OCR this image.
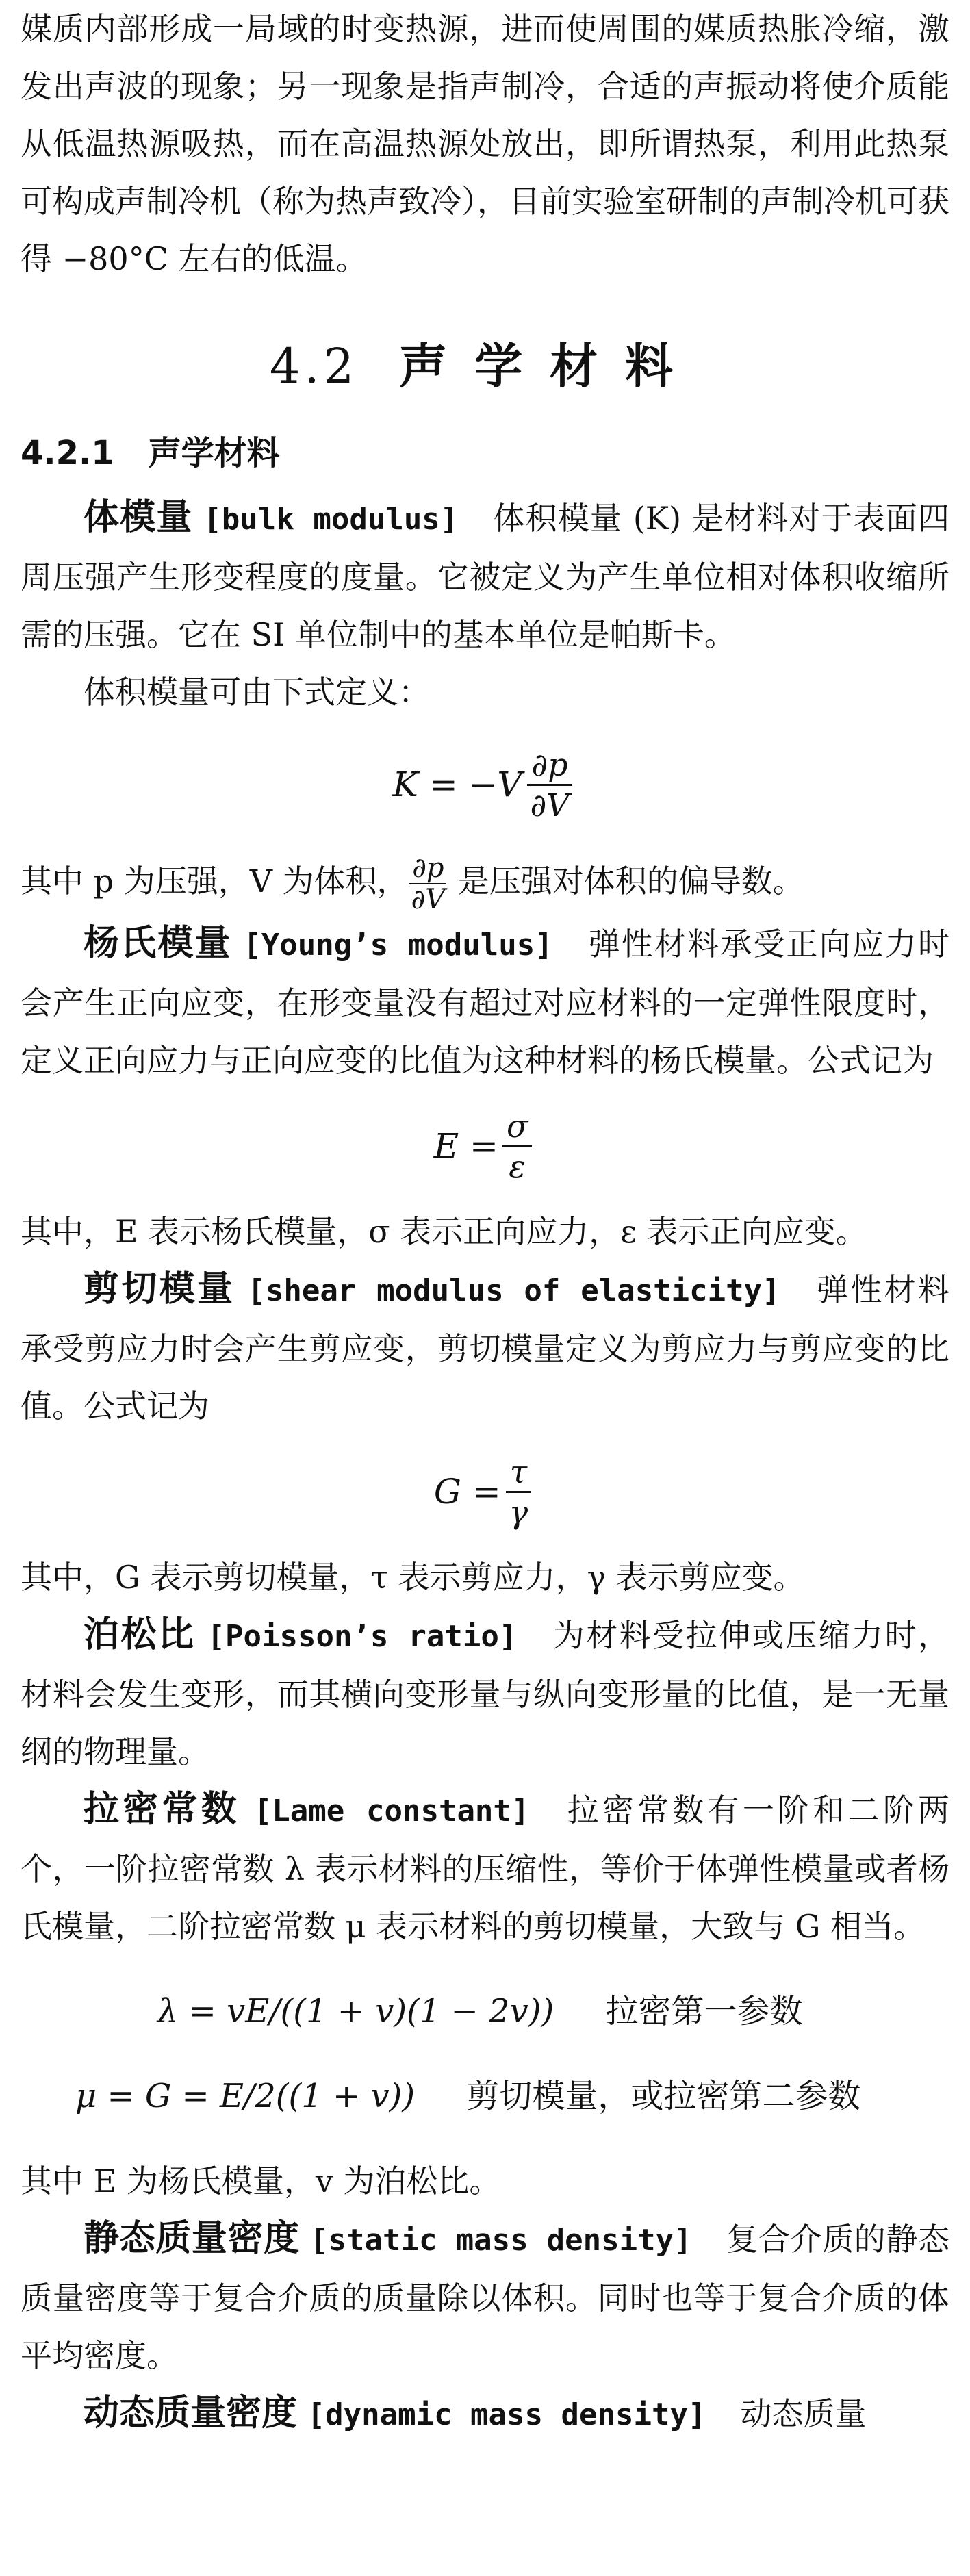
媒质内部形成一局域的时变热源，进而使周围的媒质热胀冷缩，激发出声波的现象；另一现象是指声制冷，合适的声振动将使介质能从低温热源吸热，而在高温热源处放出，即所谓热泵，利用此热泵可构成声制冷机（称为热声致冷），目前实验室研制的声制冷机可获得 −80°C 左右的低温。

4.2 声学材料
4.2.1 声学材料

体模量 [bulk modulus] 体积模量 (K) 是材料对于表面四周压强产生形变程度的度量。它被定义为产生单位相对体积收缩所需的压强。它在 SI 单位制中的基本单位是帕斯卡。

体积模量可由下式定义：

$K = -V \frac{\partial p}{\partial V}$

其中 p 为压强，V 为体积， $\frac{\partial p}{\partial V}$ 是压强对体积的偏导数。

杨氏模量 [Young’s modulus] 弹性材料承受正向应力时会产生正向应变，在形变量没有超过对应材料的一定弹性限度时，定义正向应力与正向应变的比值为这种材料的杨氏模量。公式记为

$E = \frac{\sigma}{\varepsilon}$

其中，E 表示杨氏模量，σ 表示正向应力，ε 表示正向应变。

剪切模量 [shear modulus of elasticity] 弹性材料承受剪应力时会产生剪应变，剪切模量定义为剪应力与剪应变的比值。公式记为

$G = \frac{\tau}{\gamma}$

其中，G 表示剪切模量，τ 表示剪应力，γ 表示剪应变。

泊松比 [Poisson’s ratio] 为材料受拉伸或压缩力时，材料会发生变形，而其横向变形量与纵向变形量的比值，是一无量纲的物理量。

拉密常数 [Lame constant] 拉密常数有一阶和二阶两个，一阶拉密常数 λ 表示材料的压缩性，等价于体弹性模量或者杨氏模量，二阶拉密常数 μ 表示材料的剪切模量，大致与 G 相当。

λ = vE/((1 + v)(1 − 2v)) 拉密第一参数
μ = G = E/2((1 + v)) 剪切模量，或拉密第二参数

其中 E 为杨氏模量，v 为泊松比。

静态质量密度 [static mass density] 复合介质的静态质量密度等于复合介质的质量除以体积。同时也等于复合介质的体平均密度。

动态质量密度 [dynamic mass density] 动态质量
